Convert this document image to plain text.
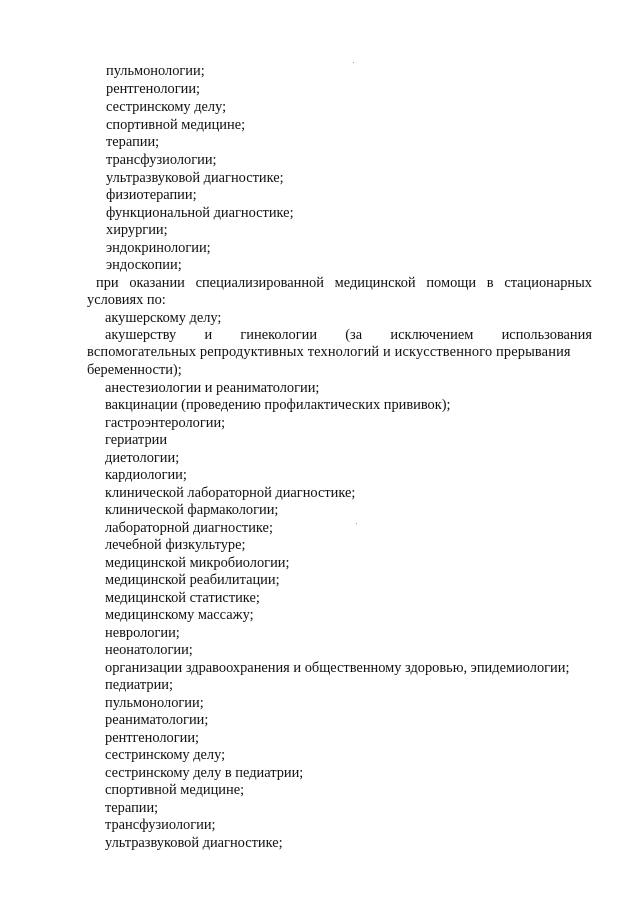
пульмонологии;
рентгенологии;
сестринскому делу;
спортивной медицине;
терапии;
трансфузиологии;
ультразвуковой диагностике;
физиотерапии;
функциональной диагностике;
хирургии;
эндокринологии;
эндоскопии;
при оказании специализированной медицинской помощи в стационарных
условиях по:
акушерскому делу;
акушерству и гинекологии (за исключением использования
вспомогательных репродуктивных технологий и искусственного прерывания
беременности);
анестезиологии и реаниматологии;
вакцинации (проведению профилактических прививок);
гастроэнтерологии;
гериатрии
диетологии;
кардиологии;
клинической лабораторной диагностике;
клинической фармакологии;
лабораторной диагностике;
лечебной физкультуре;
медицинской микробиологии;
медицинской реабилитации;
медицинской статистике;
медицинскому массажу;
неврологии;
неонатологии;
организации здравоохранения и общественному здоровью, эпидемиологии;
педиатрии;
пульмонологии;
реаниматологии;
рентгенологии;
сестринскому делу;
сестринскому делу в педиатрии;
спортивной медицине;
терапии;
трансфузиологии;
ультразвуковой диагностике;
